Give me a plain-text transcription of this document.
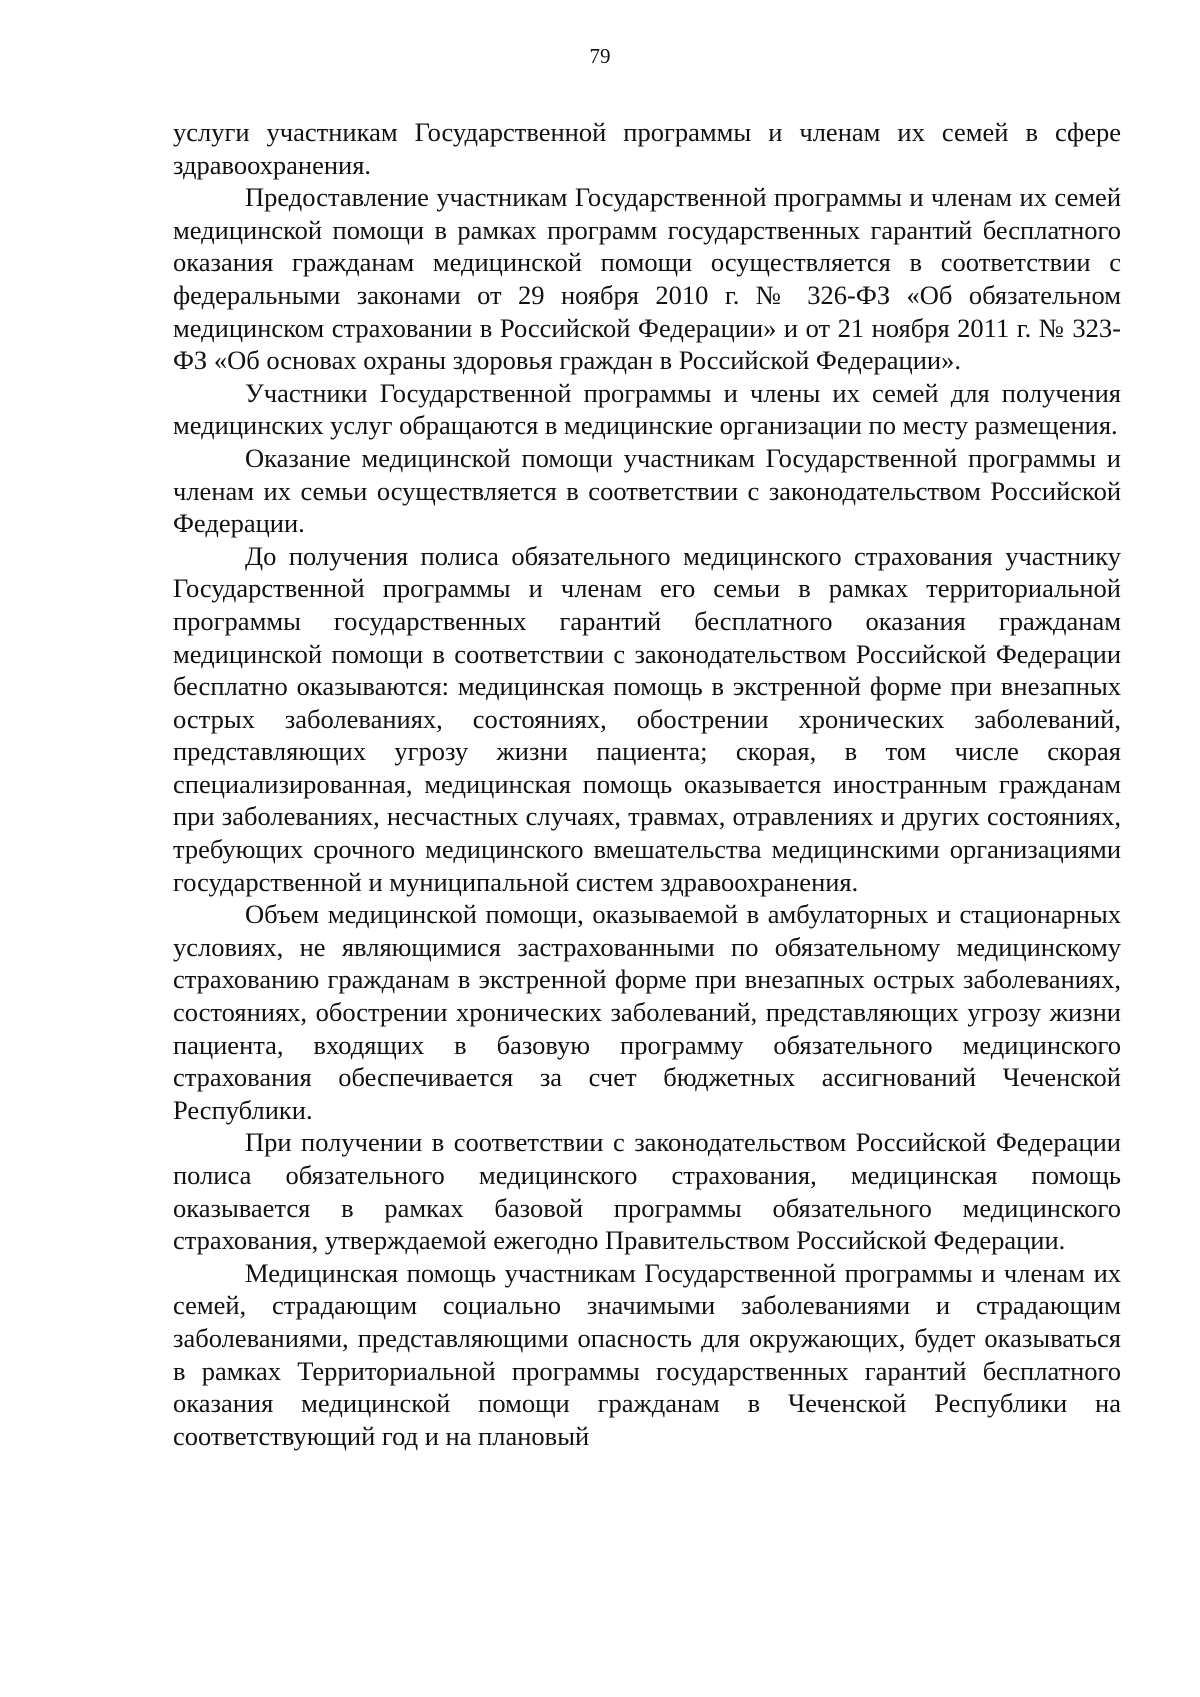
79

услуги участникам Государственной программы и членам их семей в сфере здравоохранения.

Предоставление участникам Государственной программы и членам их семей медицинской помощи в рамках программ государственных гарантий бесплатного оказания гражданам медицинской помощи осуществляется в соответствии с федеральными законами от 29 ноября 2010 г. № 326-ФЗ «Об обязательном медицинском страховании в Российской Федерации» и от 21 ноября 2011 г. № 323-ФЗ «Об основах охраны здоровья граждан в Российской Федерации».

Участники Государственной программы и члены их семей для получения медицинских услуг обращаются в медицинские организации по месту размещения.

Оказание медицинской помощи участникам Государственной программы и членам их семьи осуществляется в соответствии с законодательством Российской Федерации.

До получения полиса обязательного медицинского страхования участнику Государственной программы и членам его семьи в рамках территориальной программы государственных гарантий бесплатного оказания гражданам медицинской помощи в соответствии с законодательством Российской Федерации бесплатно оказываются: медицинская помощь в экстренной форме при внезапных острых заболеваниях, состояниях, обострении хронических заболеваний, представляющих угрозу жизни пациента; скорая, в том числе скорая специализированная, медицинская помощь оказывается иностранным гражданам при заболеваниях, несчастных случаях, травмах, отравлениях и других состояниях, требующих срочного медицинского вмешательства медицинскими организациями государственной и муниципальной систем здравоохранения.

Объем медицинской помощи, оказываемой в амбулаторных и стационарных условиях, не являющимися застрахованными по обязательному медицинскому страхованию гражданам в экстренной форме при внезапных острых заболеваниях, состояниях, обострении хронических заболеваний, представляющих угрозу жизни пациента, входящих в базовую программу обязательного медицинского страхования обеспечивается за счет бюджетных ассигнований Чеченской Республики.

При получении в соответствии с законодательством Российской Федерации полиса обязательного медицинского страхования, медицинская помощь оказывается в рамках базовой программы обязательного медицинского страхования, утверждаемой ежегодно Правительством Российской Федерации.

Медицинская помощь участникам Государственной программы и членам их семей, страдающим социально значимыми заболеваниями и страдающим заболеваниями, представляющими опасность для окружающих, будет оказываться в рамках Территориальной программы государственных гарантий бесплатного оказания медицинской помощи гражданам в Чеченской Республики на соответствующий год и на плановый
